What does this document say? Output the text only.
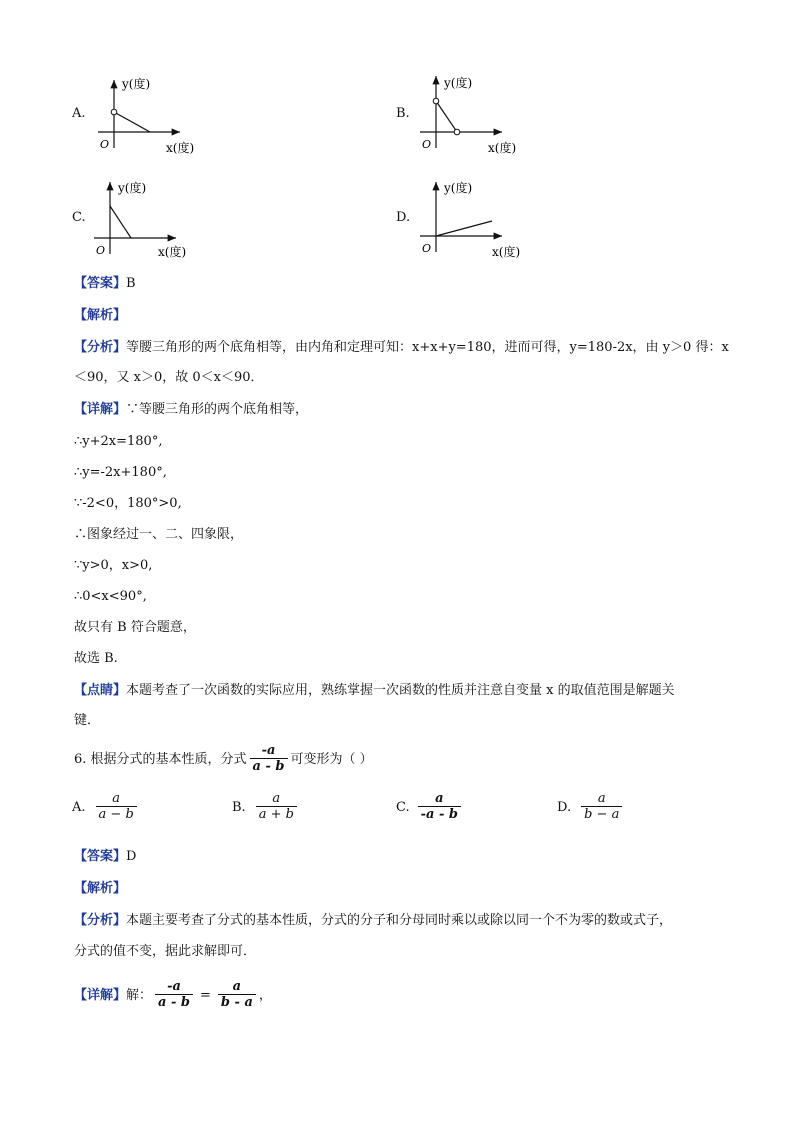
A.
O
y(度)
x(度)
B.
O
y(度)
x(度)
C.
O
y(度)
x(度)
D.
O
y(度)
x(度)
【答案】B
【解析】
【分析】等腰三角形的两个底角相等，由内角和定理可知：x+x+y=180，进而可得，y=180-2x，由 y＞0 得：x
＜90，又 x＞0，故 0＜x＜90．
【详解】∵等腰三角形的两个底角相等，
∴y+2x=180°,
∴y=-2x+180°,
∵-2<0，180°>0,
∴图象经过一、二、四象限，
∵y>0，x>0,
∴0<x<90°,
故只有 B 符合题意，
故选 B.
【点睛】本题考查了一次函数的实际应用，熟练掌握一次函数的性质并注意自变量 x 的取值范围是解题关
键．
6. 根据分式的基本性质，分式 $\frac{-a}{a - b}$ 可变形为（ ）
A. $\frac{a}{a - b}$	B. $\frac{a}{a + b}$	C. $\frac{a}{-a - b}$	D. $\frac{a}{b - a}$
【答案】D
【解析】
【分析】本题主要考查了分式的基本性质，分式的分子和分母同时乘以或除以同一个不为零的数或式子，
分式的值不变，据此求解即可．
【详解】解： $\frac{-a}{a - b} = \frac{a}{b - a}$ ，
